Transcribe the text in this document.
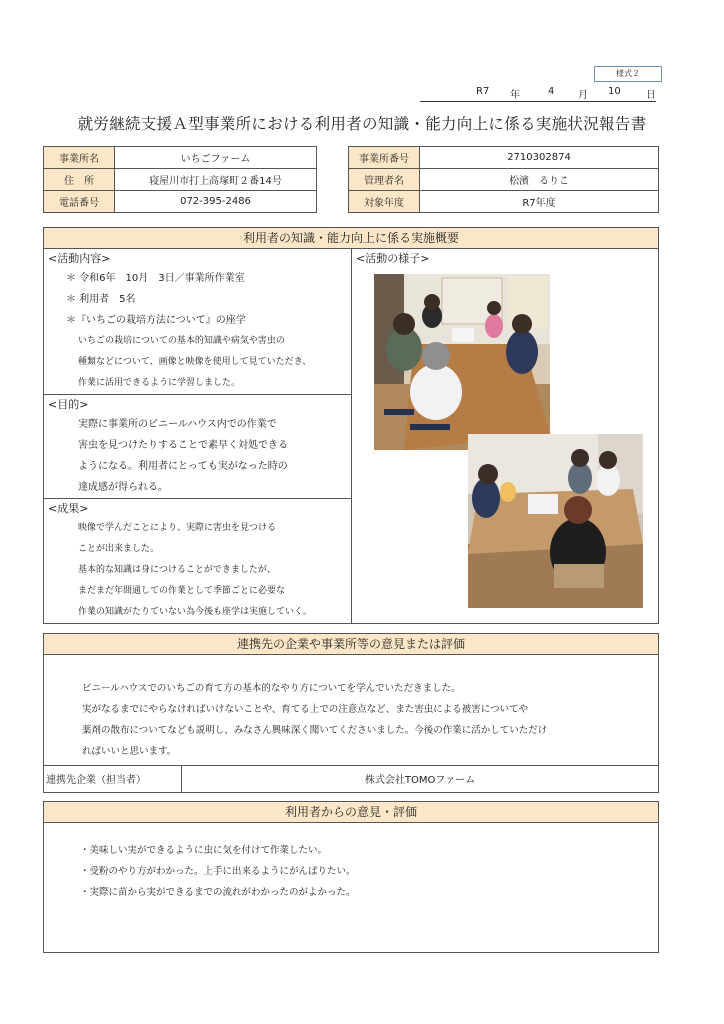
様式２
R7 年	4 月 10	日
就労継続支援Ａ型事業所における利用者の知識・能力向上に係る実施状況報告書
事業所名	いちごファーム
住　所	寝屋川市打上高塚町２番14号
電話番号	072-395-2486
事業所番号	2710302874
管理者名	松濱　るりこ
対象年度	R7年度
利用者の知識・能力向上に係る実施概要
<活動内容>
＊ 令和6年　10月　3日／事業所作業室
＊ 利用者　5名
＊『いちごの栽培方法について』の座学
いちごの栽培についての基本的知識や病気や害虫の
種類などについて、画像と映像を使用して見ていただき、
作業に活用できるように学習しました。
<目的>
実際に事業所のビニールハウス内での作業で
害虫を見つけたりすることで素早く対処できる
ようになる。利用者にとっても実がなった時の
達成感が得られる。
<成果>
映像で学んだことにより、実際に害虫を見つける
ことが出来ました。
基本的な知識は身につけることができましたが、
まだまだ年間通しての作業として季節ごとに必要な
作業の知識がたりていない為今後も座学は実施していく。
<活動の様子>
連携先の企業や事業所等の意見または評価
ビニールハウスでのいちごの育て方の基本的なやり方についてを学んでいただきました。
実がなるまでにやらなければいけないことや、育てる上での注意点など、また害虫による被害についてや
薬剤の散布についてなども説明し、みなさん興味深く聞いてくださいました。今後の作業に活かしていただけ
ればいいと思います。
連携先企業（担当者）	株式会社TOMOファーム
利用者からの意見・評価
・美味しい実ができるように虫に気を付けて作業したい。
・受粉のやり方がわかった。上手に出来るようにがんばりたい。
・実際に苗から実ができるまでの流れがわかったのがよかった。
